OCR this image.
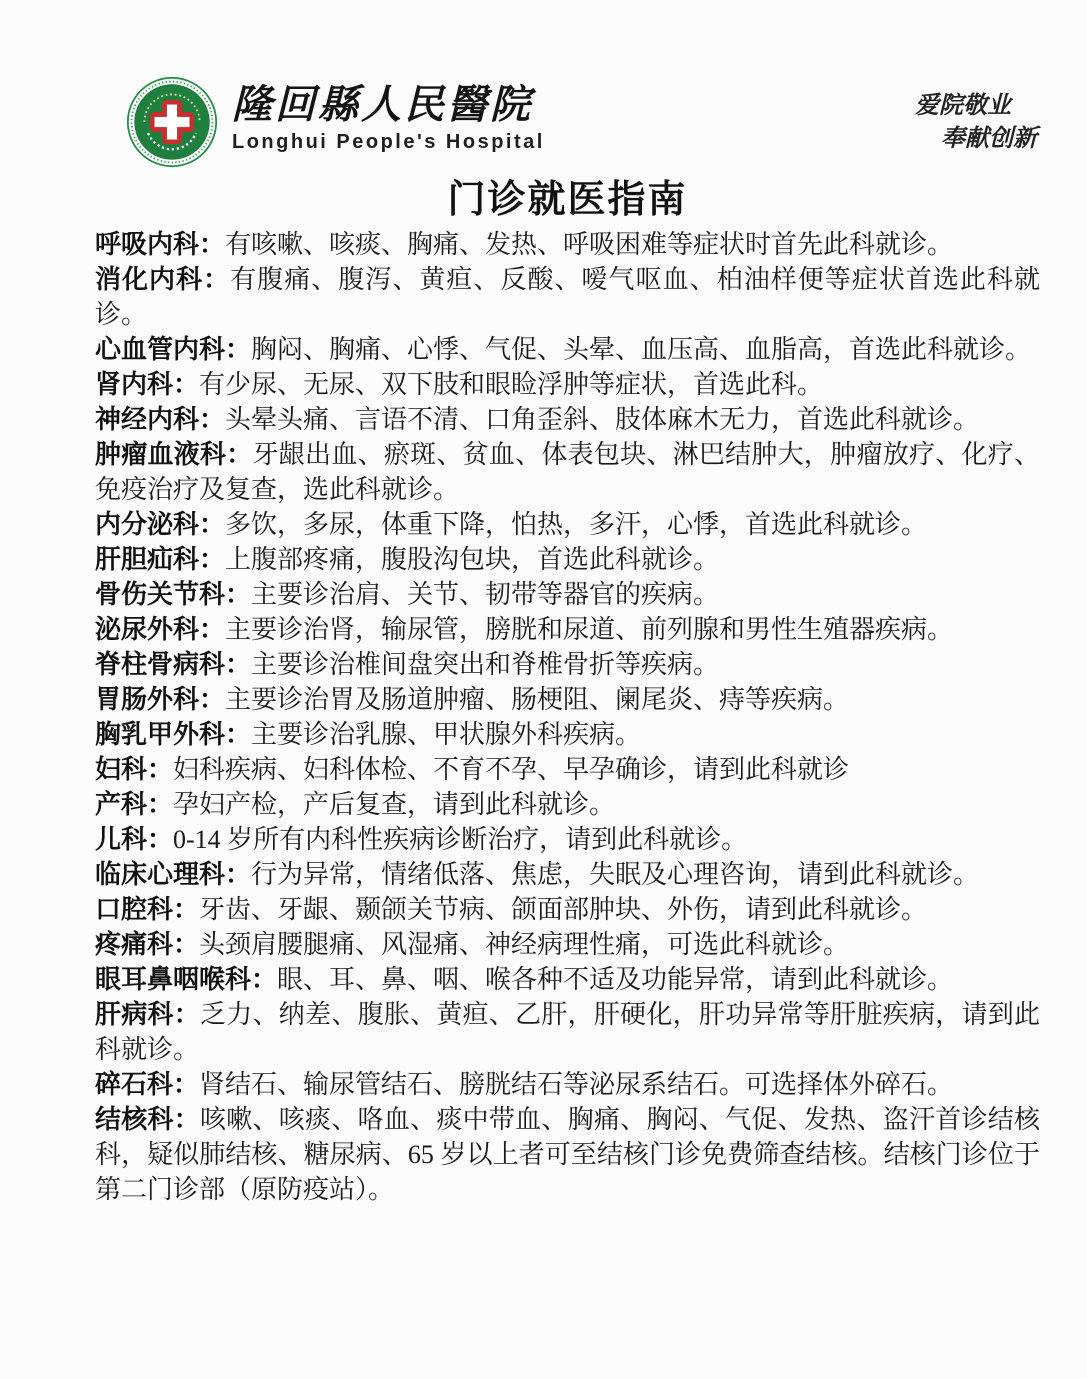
隆回縣人民醫院
Longhui People's Hospital
爱院敬业
奉献创新
门诊就医指南

呼吸内科：有咳嗽、咳痰、胸痛、发热、呼吸困难等症状时首先此科就诊。

消化内科：有腹痛、腹泻、黄疸、反酸、嗳气呕血、柏油样便等症状首选此科就诊。

心血管内科：胸闷、胸痛、心悸、气促、头晕、血压高、血脂高，首选此科就诊。

肾内科：有少尿、无尿、双下肢和眼睑浮肿等症状，首选此科。

神经内科：头晕头痛、言语不清、口角歪斜、肢体麻木无力，首选此科就诊。

肿瘤血液科：牙龈出血、瘀斑、贫血、体表包块、淋巴结肿大，肿瘤放疗、化疗、免疫治疗及复查，选此科就诊。

内分泌科：多饮，多尿，体重下降，怕热，多汗，心悸，首选此科就诊。

肝胆疝科：上腹部疼痛，腹股沟包块，首选此科就诊。

骨伤关节科：主要诊治肩、关节、韧带等器官的疾病。

泌尿外科：主要诊治肾，输尿管，膀胱和尿道、前列腺和男性生殖器疾病。

脊柱骨病科：主要诊治椎间盘突出和脊椎骨折等疾病。

胃肠外科：主要诊治胃及肠道肿瘤、肠梗阻、阑尾炎、痔等疾病。

胸乳甲外科：主要诊治乳腺、甲状腺外科疾病。

妇科：妇科疾病、妇科体检、不育不孕、早孕确诊，请到此科就诊

产科：孕妇产检，产后复查，请到此科就诊。

儿科：0-14 岁所有内科性疾病诊断治疗，请到此科就诊。

临床心理科：行为异常，情绪低落、焦虑，失眠及心理咨询，请到此科就诊。

口腔科：牙齿、牙龈、颞颌关节病、颌面部肿块、外伤，请到此科就诊。

疼痛科：头颈肩腰腿痛、风湿痛、神经病理性痛，可选此科就诊。

眼耳鼻咽喉科：眼、耳、鼻、咽、喉各种不适及功能异常，请到此科就诊。

肝病科：乏力、纳差、腹胀、黄疸、乙肝，肝硬化，肝功异常等肝脏疾病，请到此科就诊。

碎石科：肾结石、输尿管结石、膀胱结石等泌尿系结石。可选择体外碎石。

结核科：咳嗽、咳痰、咯血、痰中带血、胸痛、胸闷、气促、发热、盗汗首诊结核科，疑似肺结核、糖尿病、65 岁以上者可至结核门诊免费筛查结核。结核门诊位于第二门诊部（原防疫站）。
